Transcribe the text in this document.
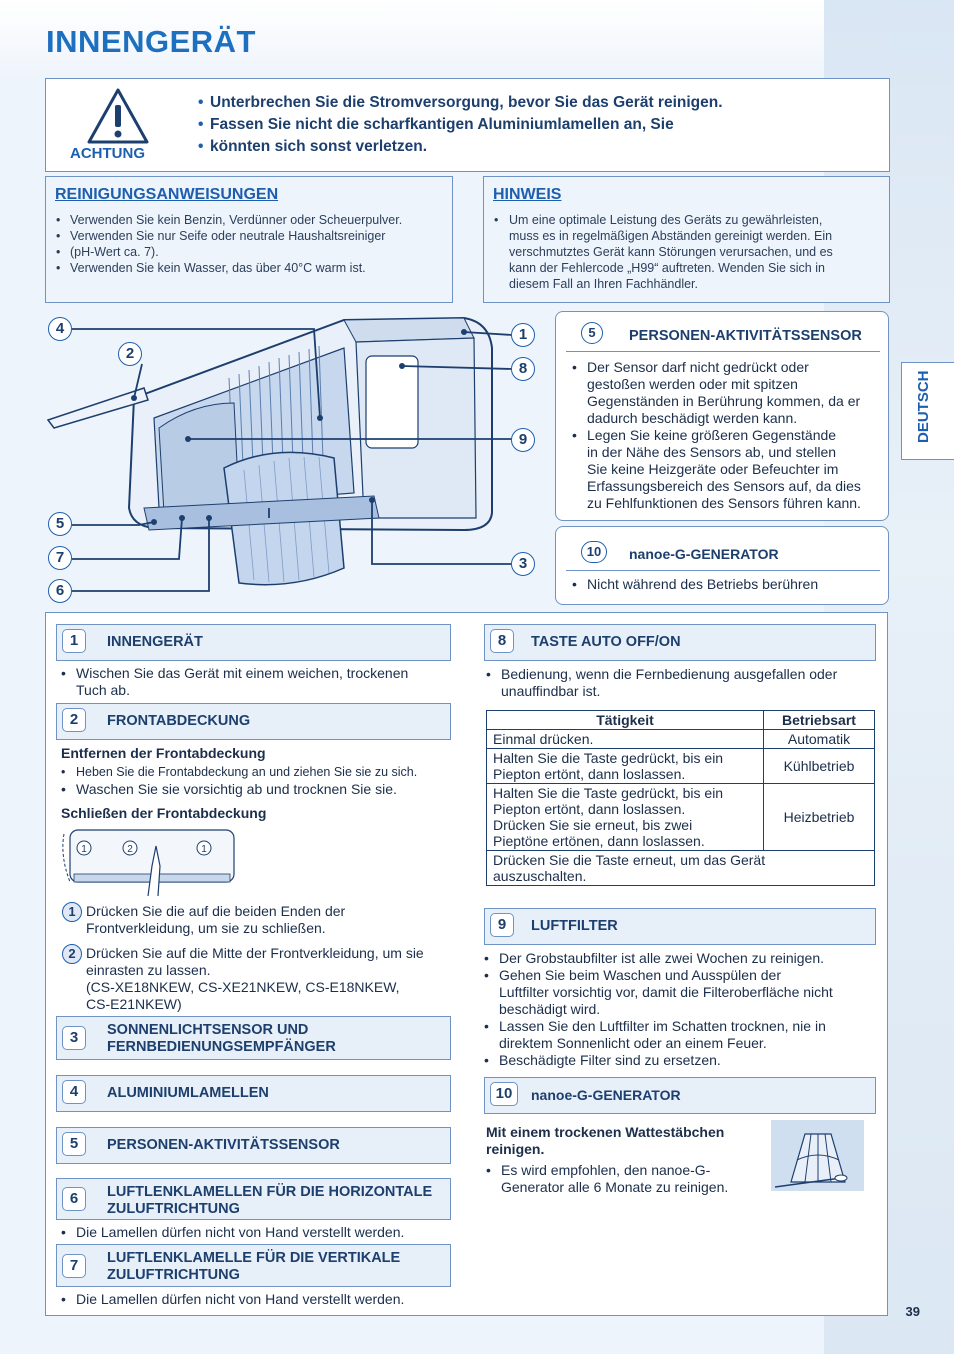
INNENGERÄT
ACHTUNG
• Unterbrechen Sie die Stromversorgung, bevor Sie das Gerät reinigen.
• Fassen Sie nicht die scharfkantigen Aluminiumlamellen an, Sie
• könnten sich sonst verletzen.
REINIGUNGSANWEISUNGEN
• Verwenden Sie kein Benzin, Verdünner oder Scheuerpulver.
• Verwenden Sie nur Seife oder neutrale Haushaltsreiniger
• (pH-Wert ca. 7).
• Verwenden Sie kein Wasser, das über 40°C warm ist.
HINWEIS
• Um eine optimale Leistung des Geräts zu gewährleisten,
muss es in regelmäßigen Abständen gereinigt werden. Ein
verschmutztes Gerät kann Störungen verursachen, und es
kann der Fehlercode „H99“ auftreten. Wenden Sie sich in
diesem Fall an Ihren Fachhändler.
4
2
1
8
9
5
7	3
6
5	PERSONEN-AKTIVITÄTSSENSOR
• Der Sensor darf nicht gedrückt oder
gestoßen werden oder mit spitzen
Gegenständen in Berührung kommen, da er
dadurch beschädigt werden kann.
• Legen Sie keine größeren Gegenstände
in der Nähe des Sensors ab, und stellen
Sie keine Heizgeräte oder Befeuchter im
Erfassungsbereich des Sensors auf, da dies
zu Fehlfunktionen des Sensors führen kann.
10	nanoe-G-GENERATOR
• Nicht während des Betriebs berühren
DEUTSCH
1	INNENGERÄT
• Wischen Sie das Gerät mit einem weichen, trockenen
Tuch ab.
2	FRONTABDECKUNG
Entfernen der Frontabdeckung
• Heben Sie die Frontabdeckung an und ziehen Sie sie zu sich.
• Waschen Sie sie vorsichtig ab und trocknen Sie sie.
Schließen der Frontabdeckung
1	2	1
1 Drücken Sie die auf die beiden Enden der
Frontverkleidung, um sie zu schließen.
2 Drücken Sie auf die Mitte der Frontverkleidung, um sie
einrasten zu lassen.
(CS-XE18NKEW, CS-XE21NKEW, CS-E18NKEW,
CS-E21NKEW)
3	SONNENLICHTSENSOR UND
FERNBEDIENUNGSEMPFÄNGER
4	ALUMINIUMLAMELLEN
5	PERSONEN-AKTIVITÄTSSENSOR
6	LUFTLENKLAMELLEN FÜR DIE HORIZONTALE
ZULUFTRICHTUNG
• Die Lamellen dürfen nicht von Hand verstellt werden.
7	LUFTLENKLAMELLE FÜR DIE VERTIKALE
ZULUFTRICHTUNG
• Die Lamellen dürfen nicht von Hand verstellt werden.
8	TASTE AUTO OFF/ON
• Bedienung, wenn die Fernbedienung ausgefallen oder
unauffindbar ist.
Tätigkeit	Betriebsart
Einmal drücken.	Automatik

Halten Sie die Taste gedrückt, bis ein
Piepton ertönt, dann loslassen.	Kühlbetrieb

Halten Sie die Taste gedrückt, bis ein
Piepton ertönt, dann loslassen.
Drücken Sie sie erneut, bis zwei
Pieptöne ertönen, dann loslassen.	Heizbetrieb

Drücken Sie die Taste erneut, um das Gerät
auszuschalten.	
9	LUFTFILTER
• Der Grobstaubfilter ist alle zwei Wochen zu reinigen.
• Gehen Sie beim Waschen und Ausspülen der
Luftfilter vorsichtig vor, damit die Filteroberfläche nicht
beschädigt wird.
• Lassen Sie den Luftfilter im Schatten trocknen, nie in
direktem Sonnenlicht oder an einem Feuer.
• Beschädigte Filter sind zu ersetzen.
10	nanoe-G-GENERATOR
Mit einem trockenen Wattestäbchen
reinigen.
• Es wird empfohlen, den nanoe-G-
Generator alle 6 Monate zu reinigen.
39
